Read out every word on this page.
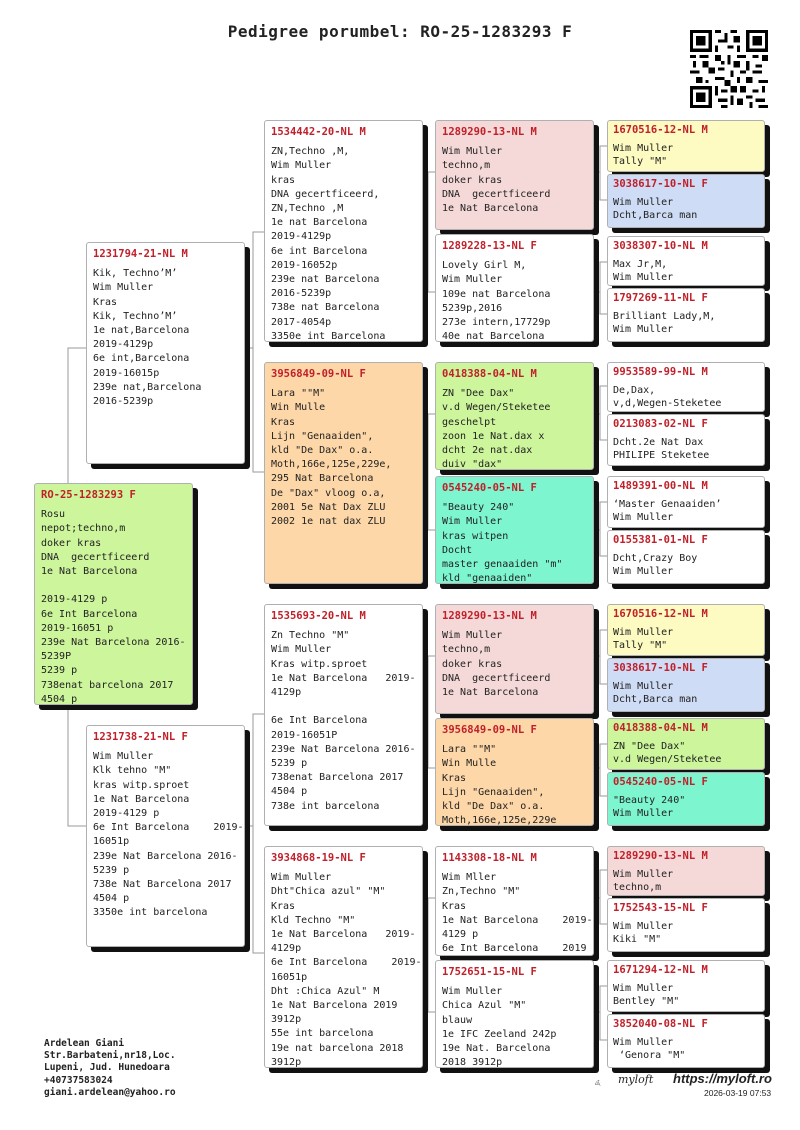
Pedigree porumbel: RO-25-1283293 F
RO-25-1283293 F
Rosu
nepot;techno,m
doker kras
DNA  gecertficeerd
1e Nat Barcelona

2019-4129 p
6e Int Barcelona
2019-16051 p
239e Nat Barcelona 2016-
5239P
5239 p
738enat barcelona 2017
4504 p
1231794-21-NL M
Kik, Techno’M’
Wim Muller
Kras
Kik, Techno’M’
1e nat,Barcelona
2019-4129p
6e int,Barcelona
2019-16015p
239e nat,Barcelona
2016-5239p
1231738-21-NL F
Wim Muller
Klk tehno "M"
kras witp.sproet
1e Nat Barcelona
2019-4129 p
6e Int Barcelona    2019-
16051p
239e Nat Barcelona 2016-
5239 p
738e Nat Barcelona 2017
4504 p
3350e int barcelona
1534442-20-NL M
ZN,Techno ,M,
Wim Muller
kras
DNA gecertficeerd,
ZN,Techno ,M
1e nat Barcelona
2019-4129p
6e int Barcelona
2019-16052p
239e nat Barcelona
2016-5239p
738e nat Barcelona
2017-4054p
3350e int Barcelona
3956849-09-NL F
Lara ""M"
Win Mulle
Kras
Lijn "Genaaiden",
kld "De Dax" o.a.
Moth,166e,125e,229e,
295 Nat Barcelona
De "Dax" vloog o.a,
2001 5e Nat Dax ZLU
2002 1e nat dax ZLU
1535693-20-NL M
Zn Techno "M"
Wim Muller
Kras witp.sproet
1e Nat Barcelona   2019-
4129p

6e Int Barcelona
2019-16051P
239e Nat Barcelona 2016-
5239 p
738enat Barcelona 2017
4504 p
738e int barcelona
3934868-19-NL F
Wim Muller
Dht"Chica azul" "M"
Kras
Kld Techno "M"
1e Nat Barcelona   2019-
4129p
6e Int Barcelona    2019-
16051p
Dht :Chica Azul" M
1e Nat Barcelona 2019
3912p
55e int barcelona
19e nat barcelona 2018
3912p
1289290-13-NL M
Wim Muller
techno,m
doker kras
DNA  gecertficeerd
1e Nat Barcelona
1289228-13-NL F
Lovely Girl M,
Wim Muller
109e nat Barcelona
5239p,2016
273e intern,17729p
40e nat Barcelona
0418388-04-NL M
ZN "Dee Dax"
v.d Wegen/Steketee
geschelpt
zoon 1e Nat.dax x
dcht 2e nat.dax
duiv "dax"
0545240-05-NL F
"Beauty 240"
Wim Muller
kras witpen
Docht
master genaaiden "m"
kld "genaaiden"
1289290-13-NL M
Wim Muller
techno,m
doker kras
DNA  gecertficeerd
1e Nat Barcelona
3956849-09-NL F
Lara ""M"
Win Mulle
Kras
Lijn "Genaaiden",
kld "De Dax" o.a.
Moth,166e,125e,229e
1143308-18-NL M
Wim Mller
Zn,Techno "M"
Kras
1e Nat Barcelona    2019-
4129 p
6e Int Barcelona    2019
1752651-15-NL F
Wim Muller
Chica Azul "M"
blauw
1e IFC Zeeland 242p
19e Nat. Barcelona
2018 3912p
1670516-12-NL M
Wim Muller
Tally "M"
3038617-10-NL F
Wim Muller
Dcht,Barca man
3038307-10-NL M
Max Jr,M,
Wim Muller
1797269-11-NL F
Brilliant Lady,M,
Wim Muller
9953589-99-NL M
De,Dax,
v,d,Wegen-Steketee
0213083-02-NL F
Dcht.2e Nat Dax
PHILIPE Steketee
1489391-00-NL M
‘Master Genaaiden’
Wim Muller
0155381-01-NL F
Dcht,Crazy Boy
Wim Muller
1670516-12-NL M
Wim Muller
Tally "M"
3038617-10-NL F
Wim Muller
Dcht,Barca man
0418388-04-NL M
ZN "Dee Dax"
v.d Wegen/Steketee
0545240-05-NL F
"Beauty 240"
Wim Muller
1289290-13-NL M
Wim Muller
techno,m
1752543-15-NL F
Wim Muller
Kiki "M"
1671294-12-NL M
Wim Muller
Bentley "M"
3852040-08-NL F
Wim Muller
‘Genora "M"
Ardelean Giani
Str.Barbateni,nr18,Loc.
Lupeni, Jud. Hunedoara
+40737583024
giani.ardelean@yahoo.ro
myloft https://myloft.ro
2026-03-19 07:53
